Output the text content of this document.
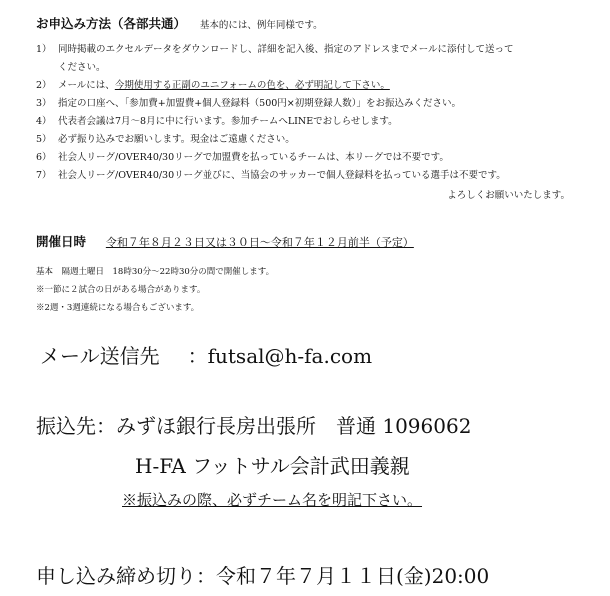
お申込み方法（各部共通） 基本的には、例年同様です。
1） 同時掲載のエクセルデータをダウンロードし、詳細を記入後、指定のアドレスまでメールに添付して送って
ください。
2） メールには、今期使用する正副のユニフォームの色を、必ず明記して下さい。
3） 指定の口座へ、「参加費+加盟費+個人登録料（500円×初期登録人数）」をお振込みください。
4） 代表者会議は7月～8月に中に行います。参加チームへLINEでおしらせします。
5） 必ず振り込みでお願いします。現金はご遠慮ください。
6） 社会人リーグ/OVER40/30リーグで加盟費を払っているチームは、本リーグでは不要です。
7） 社会人リーグ/OVER40/30リーグ並びに、当協会のサッカーで個人登録料を払っている選手は不要です。
よろしくお願いいたします。
開催日時 令和７年８月２３日又は３０日～令和７年１２月前半（予定）
基本　隔週土曜日　18時30分～22時30分の間で開催します。
※一節に２試合の日がある場合があります。
※2週・3週連続になる場合もございます。
メール送信先 ：futsal@h-fa.com
振込先：みずほ銀行長房出張所　普通 1096062
H-FA フットサル会計武田義親
※振込みの際、必ずチーム名を明記下さい。
申し込み締め切り：令和７年７月１１日(金)20:00
